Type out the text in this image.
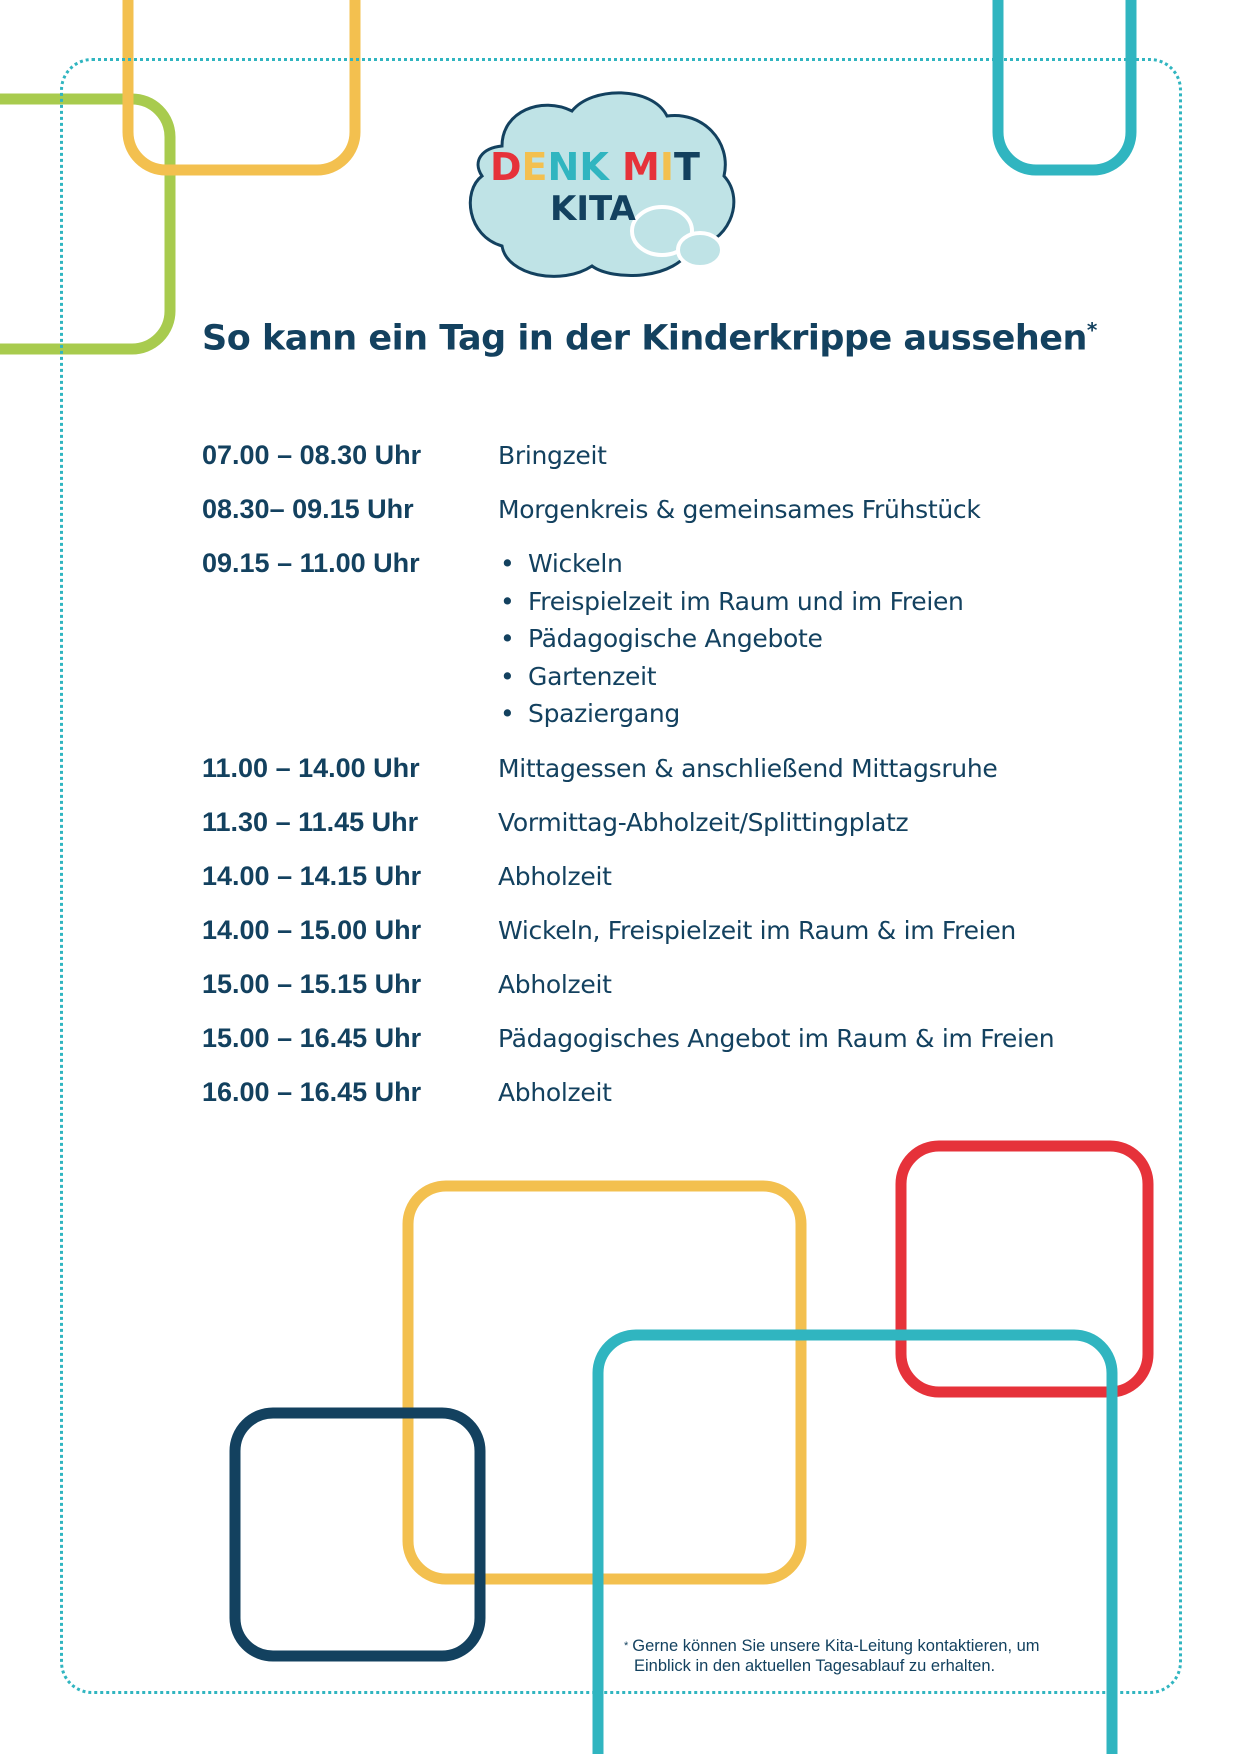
DENK MIT
KITA
So kann ein Tag in der Kinderkrippe aussehen*
07.00 – 08.30 Uhr	Bringzeit
08.30– 09.15 Uhr	Morgenkreis & gemeinsames Frühstück
09.15 – 11.00 Uhr	• Wickeln
• Freispielzeit im Raum und im Freien
• Pädagogische Angebote
• Gartenzeit
• Spaziergang
11.00 – 14.00 Uhr	Mittagessen & anschließend Mittagsruhe
11.30 – 11.45 Uhr	Vormittag-Abholzeit/Splittingplatz
14.00 – 14.15 Uhr	Abholzeit
14.00 – 15.00 Uhr	Wickeln, Freispielzeit im Raum & im Freien
15.00 – 15.15 Uhr	Abholzeit
15.00 – 16.45 Uhr	Pädagogisches Angebot im Raum & im Freien
16.00 – 16.45 Uhr	Abholzeit
* Gerne können Sie unsere Kita-Leitung kontaktieren, um
Einblick in den aktuellen Tagesablauf zu erhalten.
